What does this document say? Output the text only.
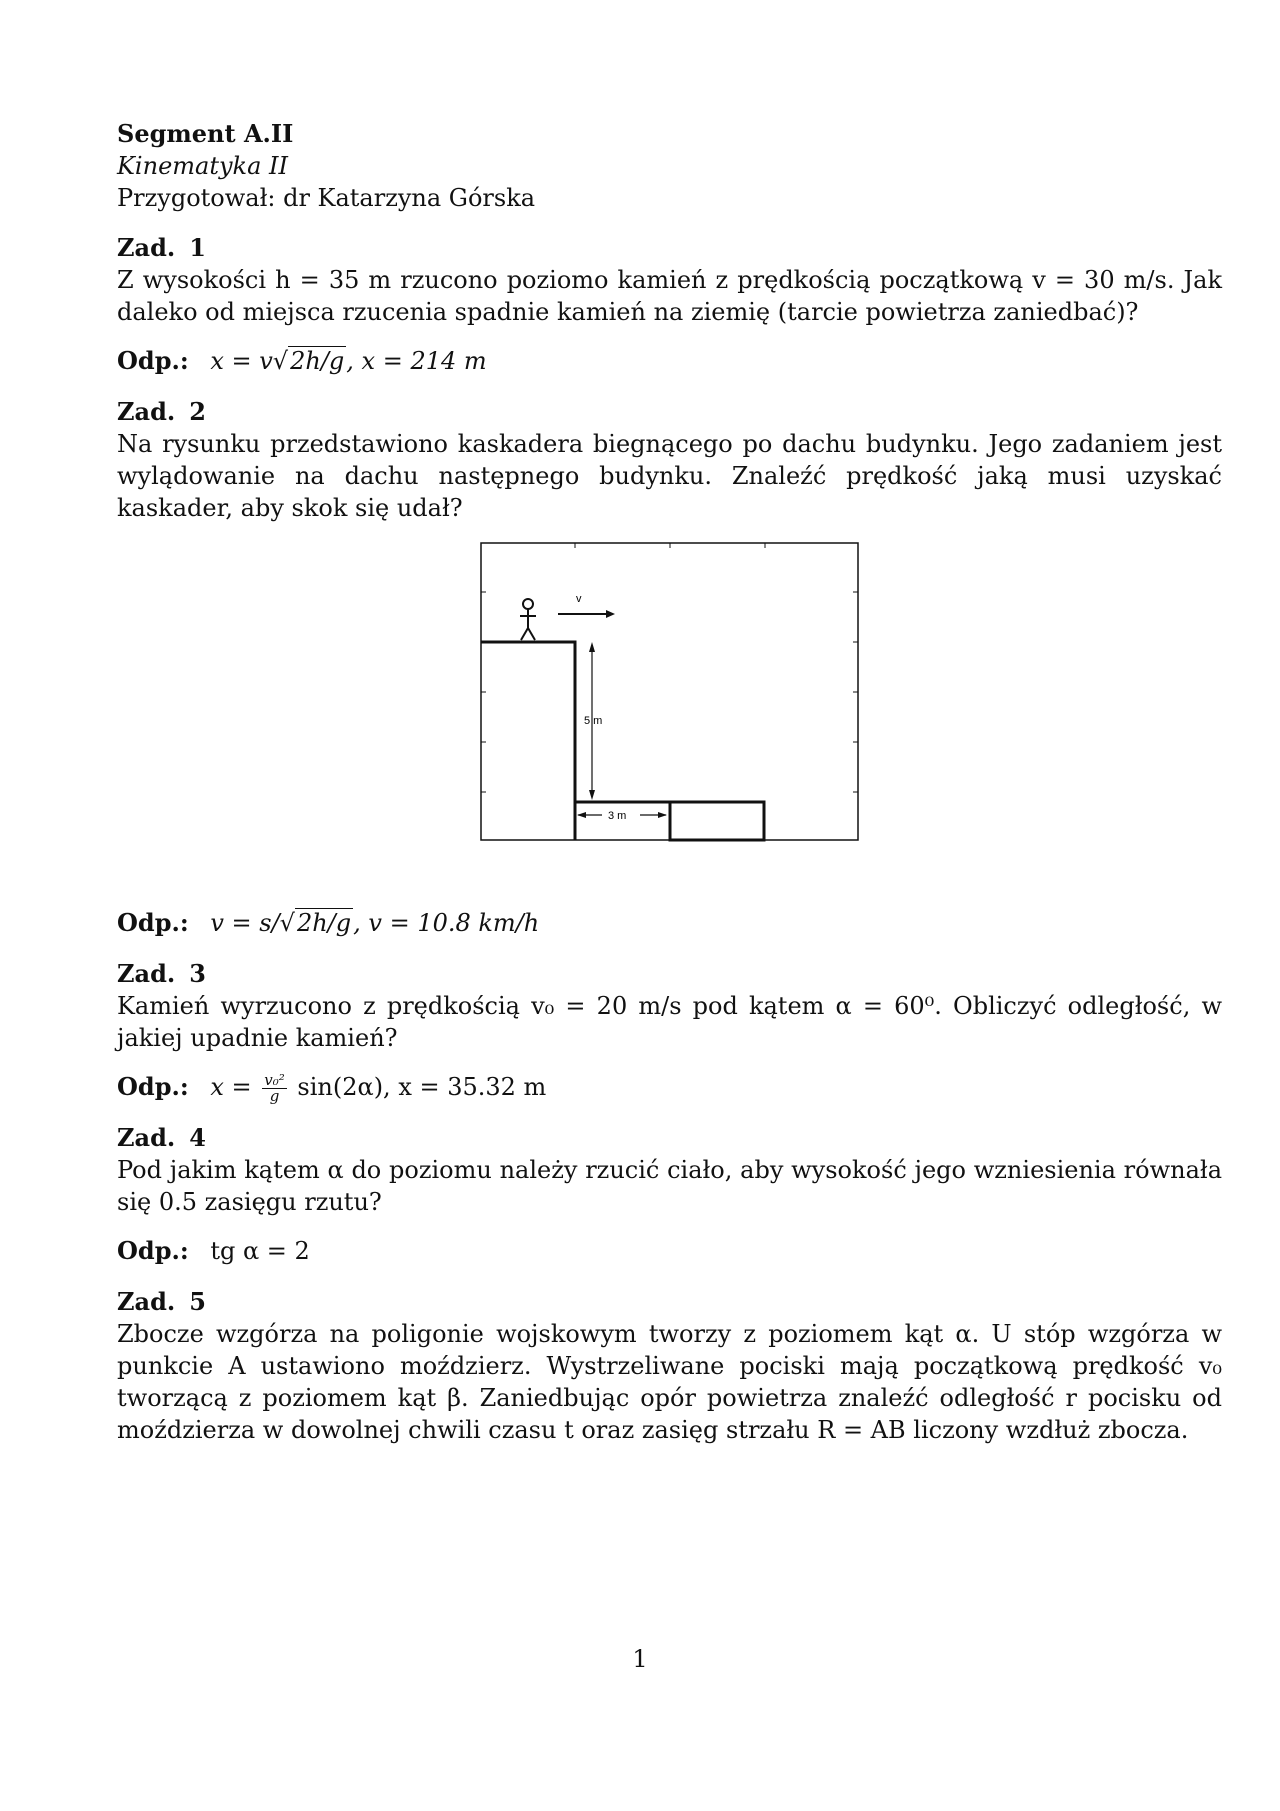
Segment A.II
Kinematyka II
Przygotował: dr Katarzyna Górska
Zad. 1
Z wysokości h = 35 m rzucono poziomo kamień z prędkością początkową v = 30 m/s. Jak daleko od miejsca rzucenia spadnie kamień na ziemię (tarcie powietrza zaniedbać)?
Odp.: x = v√2h/g, x = 214 m
Zad. 2
Na rysunku przedstawiono kaskadera biegnącego po dachu budynku. Jego zadaniem jest wylądowanie na dachu następnego budynku. Znaleźć prędkość jaką musi uzyskać kaskader, aby skok się udał?
v
5 m
3 m
Odp.: v = s/√2h/g, v = 10.8 km/h
Zad. 3
Kamień wyrzucono z prędkością v₀ = 20 m/s pod kątem α = 60⁰. Obliczyć odległość, w jakiej upadnie kamień?
Odp.: $x = \frac{\text{v₀²}}{g} \sin(2\alpha)$, x = 35.32 m
Zad. 4
Pod jakim kątem α do poziomu należy rzucić ciało, aby wysokość jego wzniesienia równała się 0.5 zasięgu rzutu?
Odp.: tg α = 2
Zad. 5
Zbocze wzgórza na poligonie wojskowym tworzy z poziomem kąt α. U stóp wzgórza w punkcie A ustawiono moździerz. Wystrzeliwane pociski mają początkową prędkość v₀ tworzącą z poziomem kąt β. Zaniedbując opór powietrza znaleźć odległość r pocisku od moździerza w dowolnej chwili czasu t oraz zasięg strzału R = AB liczony wzdłuż zbocza.
1
